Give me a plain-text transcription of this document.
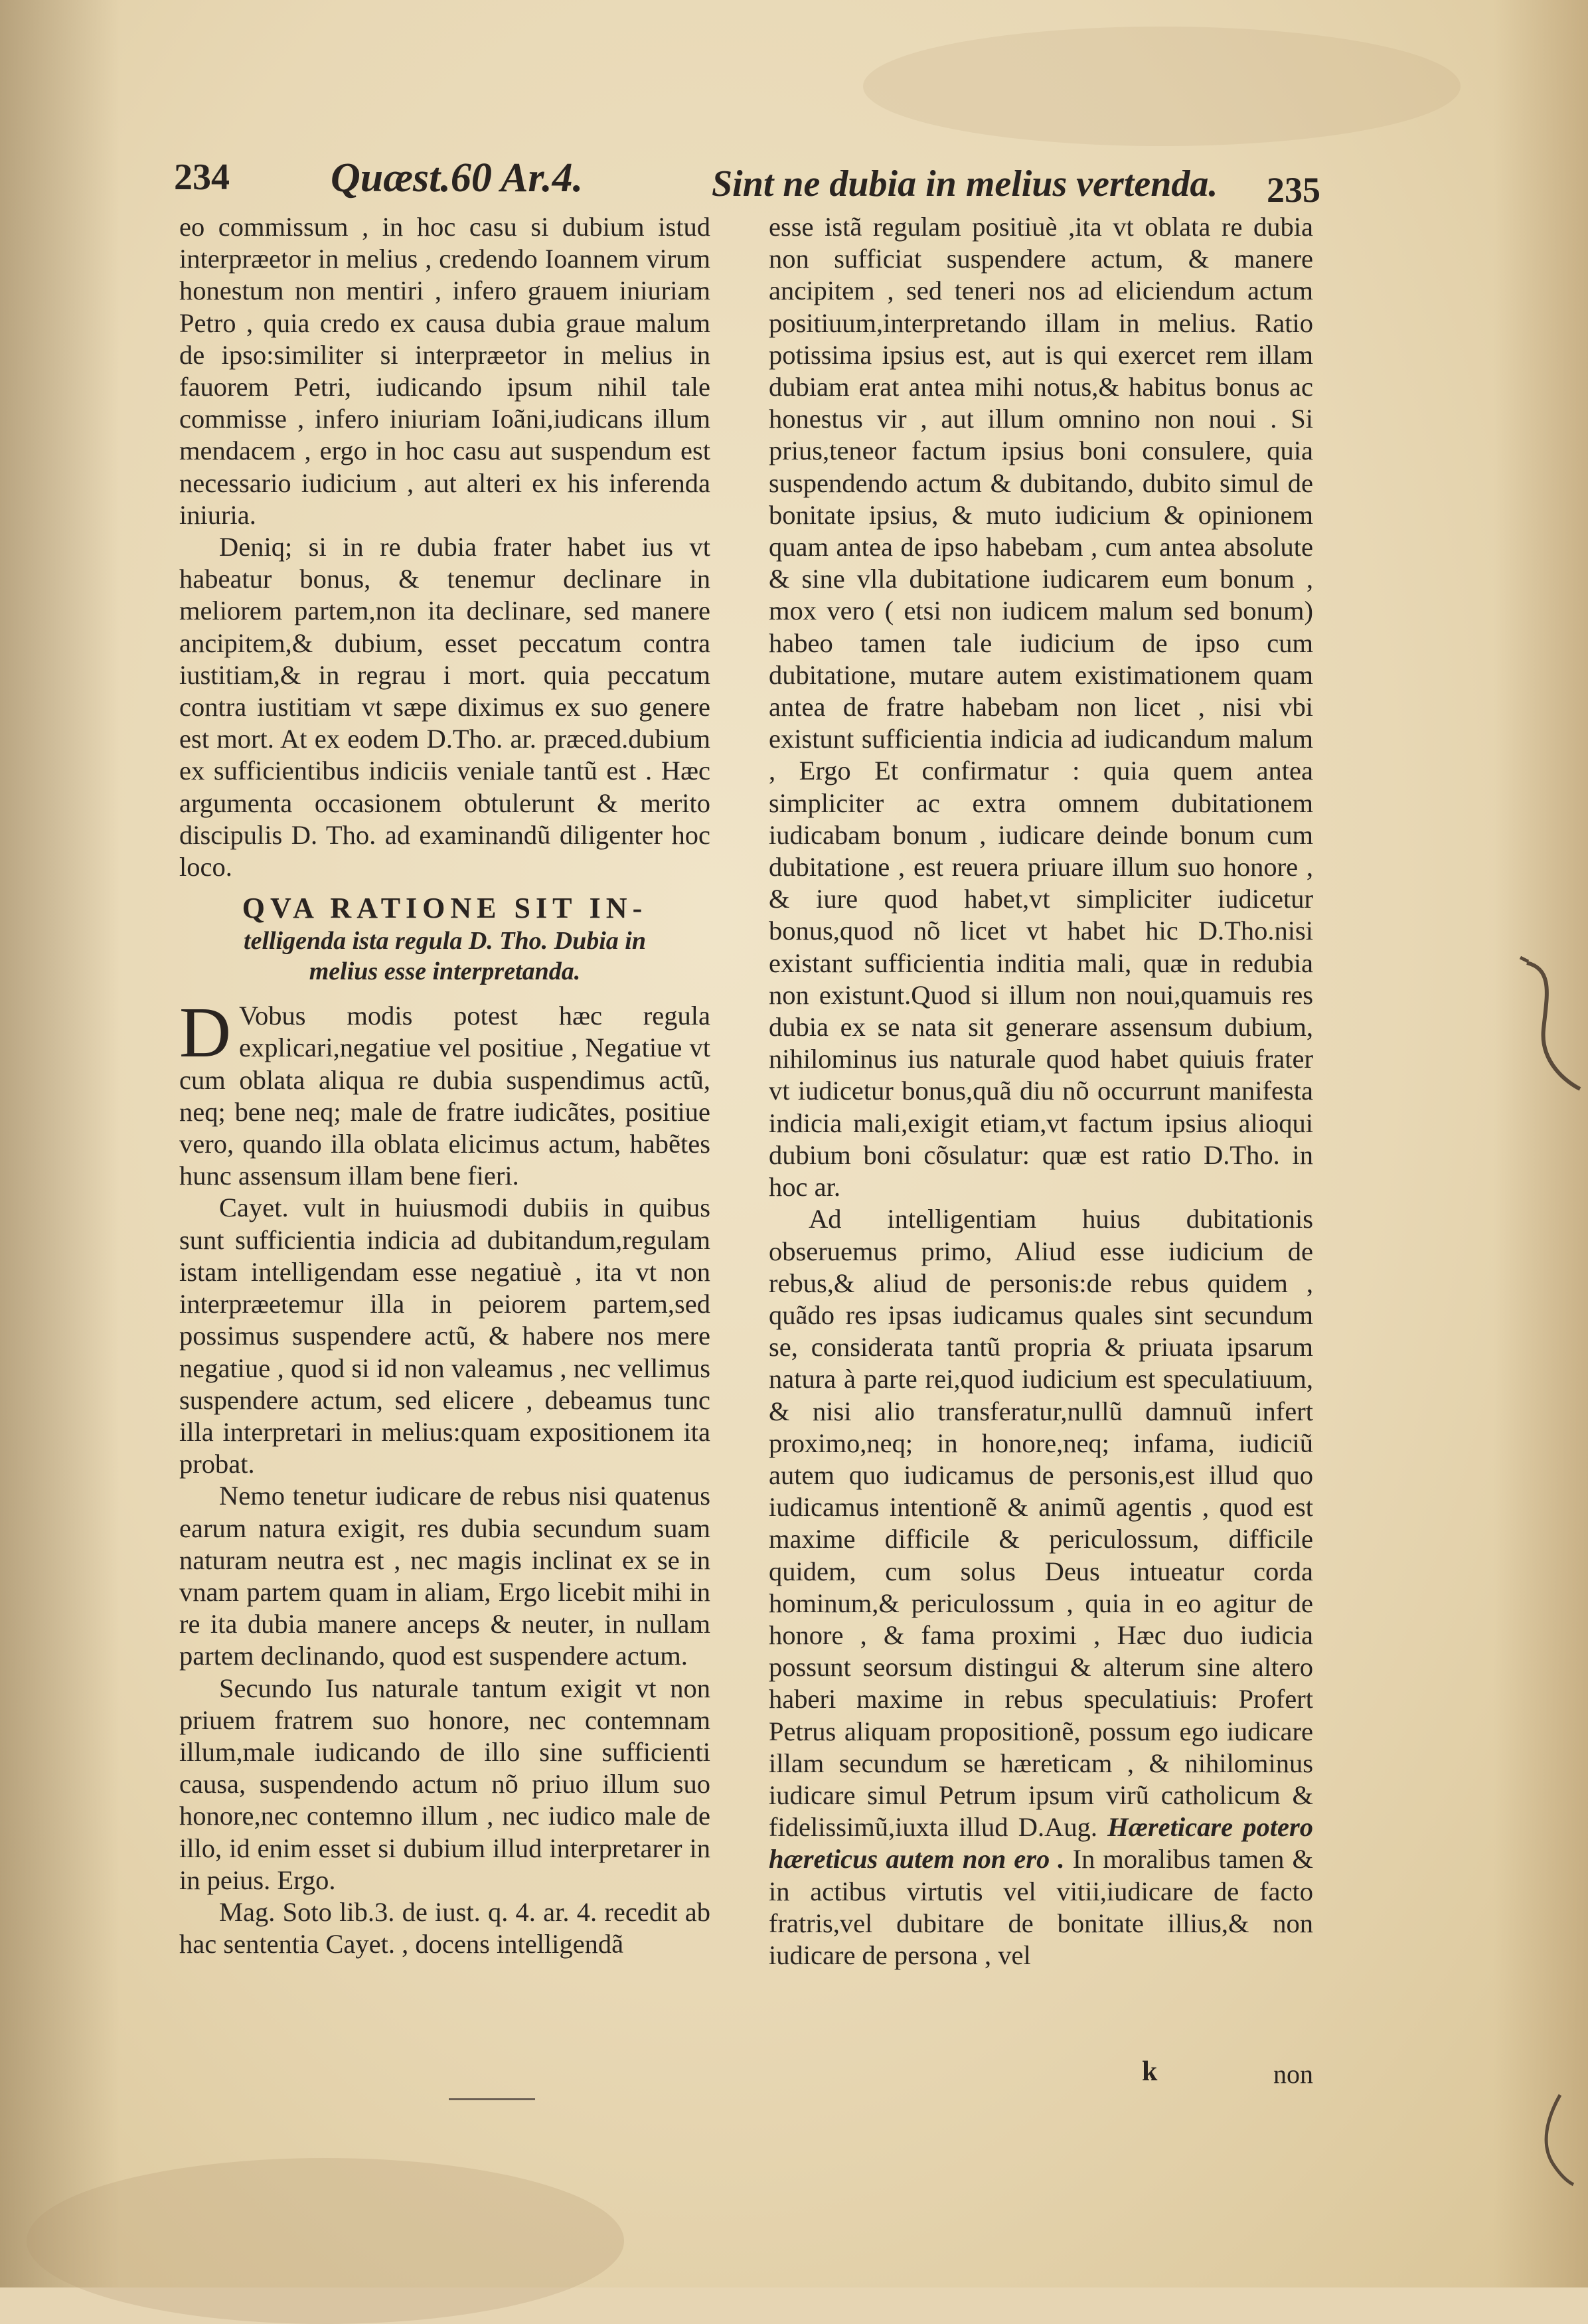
234 Quæst.60 Ar.4.	Sint ne dubia in melius vertenda. 235

eo commissum , in hoc casu si dubium istud interpræetor in melius , credendo Ioannem virum honestum non mentiri , infero grauem iniuriam Petro , quia credo ex causa dubia graue malum de ipso:similiter si interpræetor in melius in fauorem Petri, iudicando ipsum nihil tale commisse , infero iniuriam Ioãni,iudicans illum mendacem , ergo in hoc casu aut suspendum est necessario iudicium , aut alteri ex his inferenda iniuria.

Deniq; si in re dubia frater habet ius vt habeatur bonus, & tenemur declinare in meliorem partem,non ita declinare, sed manere ancipitem,& dubium, esset peccatum contra iustitiam,& in regrau i mort. quia peccatum contra iustitiam vt sæpe diximus ex suo genere est mort. At ex eodem D.Tho. ar. præced.dubium ex sufficientibus indiciis veniale tantũ est . Hæc argumenta occasionem obtulerunt & merito discipulis D. Tho. ad examinandũ diligenter hoc loco.

QVA RATIONE SIT IN-
telligenda ista regula D. Tho. Dubia in
melius esse interpretanda.

D Vobus modis potest hæc regula explicari,negatiue vel positiue , Negatiue vt cum oblata aliqua re dubia suspendimus actũ, neq; bene neq; male de fratre iudicãtes, positiue vero, quando illa oblata elicimus actum, habẽtes hunc assensum illam bene fieri.

Cayet. vult in huiusmodi dubiis in quibus sunt sufficientia indicia ad dubitandum,regulam istam intelligendam esse negatiuè , ita vt non interpræetemur illa in peiorem partem,sed possimus suspendere actũ, & habere nos mere negatiue , quod si id non valeamus , nec vellimus suspendere actum, sed elicere , debeamus tunc illa interpretari in melius:quam expositionem ita probat.

Nemo tenetur iudicare de rebus nisi quatenus earum natura exigit, res dubia secundum suam naturam neutra est , nec magis inclinat ex se in vnam partem quam in aliam, Ergo licebit mihi in re ita dubia manere anceps & neuter, in nullam partem declinando, quod est suspendere actum.

Secundo Ius naturale tantum exigit vt non priuem fratrem suo honore, nec contemnam illum,male iudicando de illo sine sufficienti causa, suspendendo actum nõ priuo illum suo honore,nec contemno illum , nec iudico male de illo, id enim esset si dubium illud interpretarer in in peius. Ergo.

Mag. Soto lib.3. de iust. q. 4. ar. 4. recedit ab hac sententia Cayet. , docens intelligendã

esse istã regulam positiuè ,ita vt oblata re dubia non sufficiat suspendere actum, & manere ancipitem , sed teneri nos ad eliciendum actum positiuum,interpretando illam in melius. Ratio potissima ipsius est, aut is qui exercet rem illam dubiam erat antea mihi notus,& habitus bonus ac honestus vir , aut illum omnino non noui . Si prius,teneor factum ipsius boni consulere, quia suspendendo actum & dubitando, dubito simul de bonitate ipsius, & muto iudicium & opinionem quam antea de ipso habebam , cum antea absolute & sine vlla dubitatione iudicarem eum bonum , mox vero ( etsi non iudicem malum sed bonum) habeo tamen tale iudicium de ipso cum dubitatione, mutare autem existimationem quam antea de fratre habebam non licet , nisi vbi existunt sufficientia indicia ad iudicandum malum , Ergo Et confirmatur : quia quem antea simpliciter ac extra omnem dubitationem iudicabam bonum , iudicare deinde bonum cum dubitatione , est reuera priuare illum suo honore , & iure quod habet,vt simpliciter iudicetur bonus,quod nõ licet vt habet hic D.Tho.nisi existant sufficientia inditia mali, quæ in redubia non existunt.Quod si illum non noui,quamuis res dubia ex se nata sit generare assensum dubium, nihilominus ius naturale quod habet quiuis frater vt iudicetur bonus,quã diu nõ occurrunt manifesta indicia mali,exigit etiam,vt factum ipsius alioqui dubium boni cõsulatur: quæ est ratio D.Tho. in hoc ar.

Ad intelligentiam huius dubitationis obseruemus primo, Aliud esse iudicium de rebus,& aliud de personis:de rebus quidem , quãdo res ipsas iudicamus quales sint secundum se, considerata tantũ propria & priuata ipsarum natura à parte rei,quod iudicium est speculatiuum, & nisi alio transferatur,nullũ damnuũ infert proximo,neq; in honore,neq; infama, iudiciũ autem quo iudicamus de personis,est illud quo iudicamus intentionẽ & animũ agentis , quod est maxime difficile & periculossum, difficile quidem, cum solus Deus intueatur corda hominum,& periculossum , quia in eo agitur de honore , & fama proximi , Hæc duo iudicia possunt seorsum distingui & alterum sine altero haberi maxime in rebus speculatiuis: Profert Petrus aliquam propositionẽ, possum ego iudicare illam secundum se hæreticam , & nihilominus iudicare simul Petrum ipsum virũ catholicum & fidelissimũ,iuxta illud D.Aug. Hæreticare potero hæreticus autem non ero . In moralibus tamen & in actibus virtutis vel vitii,iudicare de facto fratris,vel dubitare de bonitate illius,& non iudicare de persona , vel

k	non
